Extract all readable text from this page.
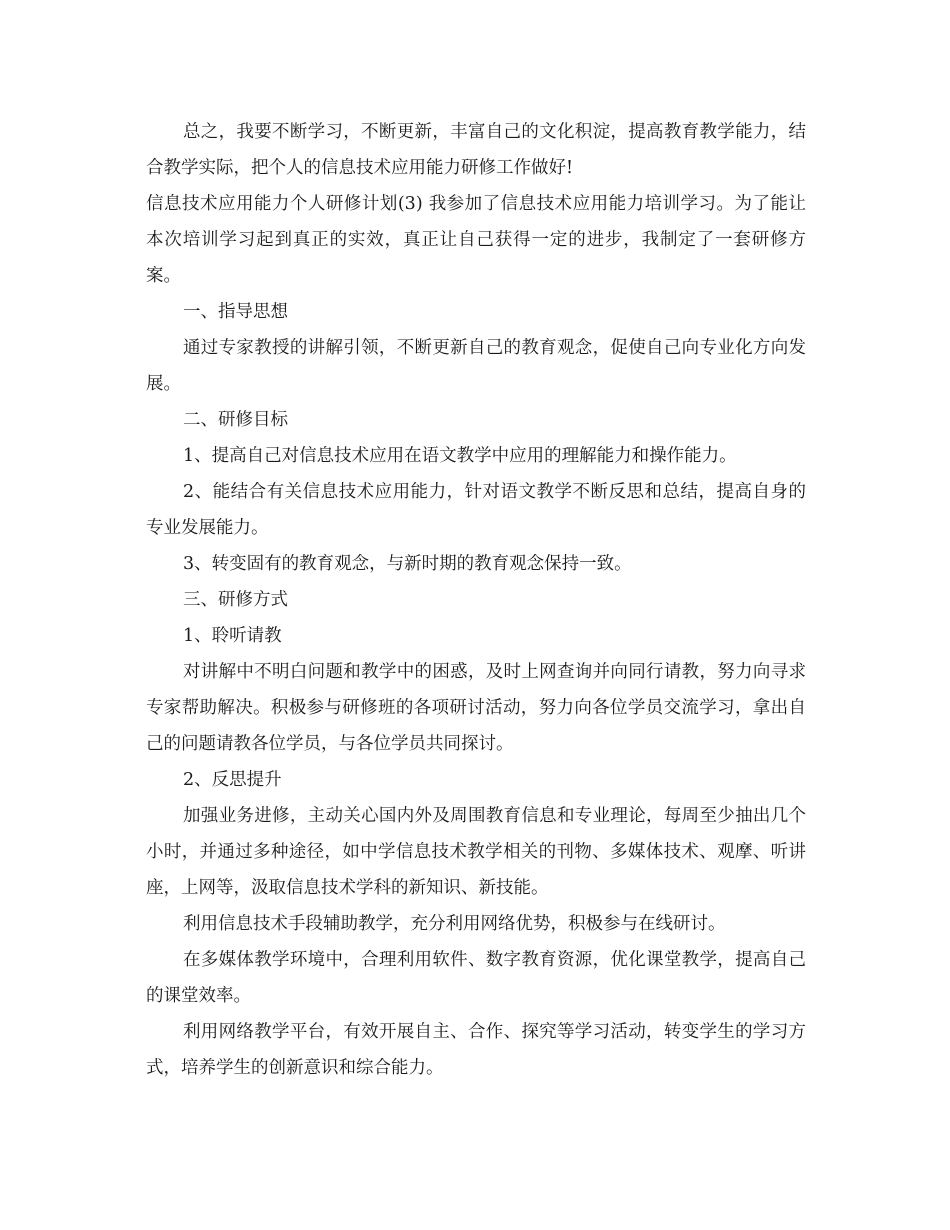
总之，我要不断学习，不断更新，丰富自己的文化积淀，提高教育教学能力，结合教学实际，把个人的信息技术应用能力研修工作做好!

信息技术应用能力个人研修计划(3) 我参加了信息技术应用能力培训学习。为了能让本次培训学习起到真正的实效，真正让自己获得一定的进步，我制定了一套研修方案。

一、指导思想

通过专家教授的讲解引领，不断更新自己的教育观念，促使自己向专业化方向发展。

二、研修目标

1、提高自己对信息技术应用在语文教学中应用的理解能力和操作能力。

2、能结合有关信息技术应用能力，针对语文教学不断反思和总结，提高自身的专业发展能力。

3、转变固有的教育观念，与新时期的教育观念保持一致。

三、研修方式

1、聆听请教

对讲解中不明白问题和教学中的困惑，及时上网查询并向同行请教，努力向寻求专家帮助解决。积极参与研修班的各项研讨活动，努力向各位学员交流学习，拿出自己的问题请教各位学员，与各位学员共同探讨。

2、反思提升

加强业务进修，主动关心国内外及周围教育信息和专业理论，每周至少抽出几个小时，并通过多种途径，如中学信息技术教学相关的刊物、多媒体技术、观摩、听讲座，上网等，汲取信息技术学科的新知识、新技能。

利用信息技术手段辅助教学，充分利用网络优势，积极参与在线研讨。

在多媒体教学环境中，合理利用软件、数字教育资源，优化课堂教学，提高自己的课堂效率。

利用网络教学平台，有效开展自主、合作、探究等学习活动，转变学生的学习方式，培养学生的创新意识和综合能力。
